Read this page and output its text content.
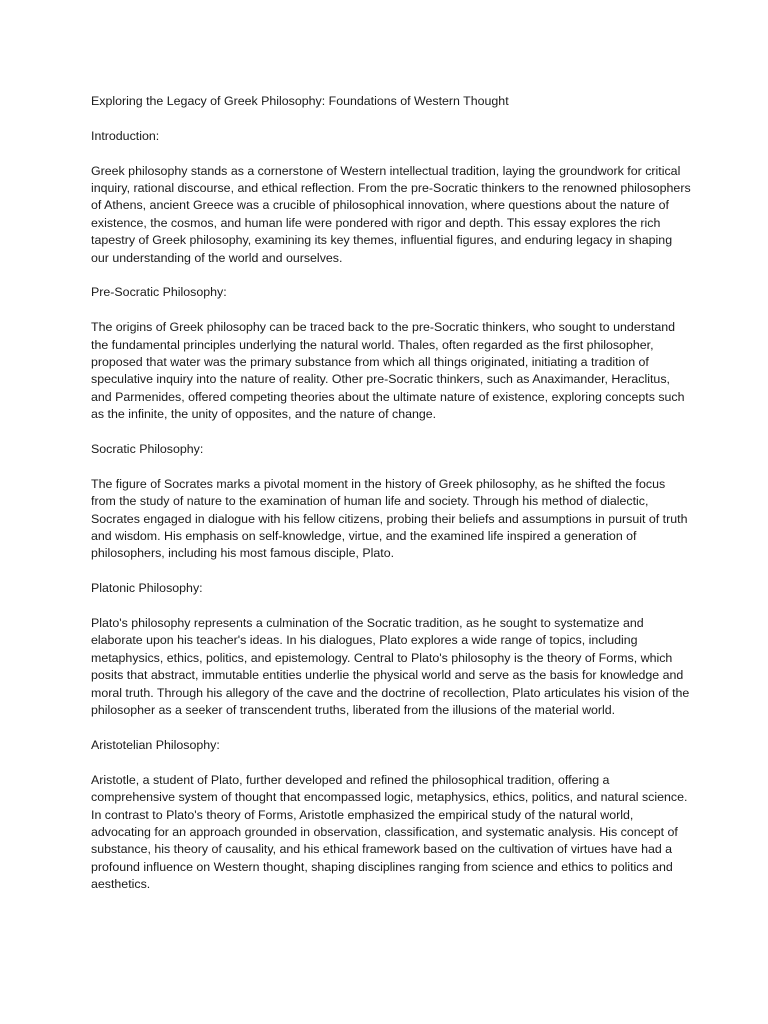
Exploring the Legacy of Greek Philosophy: Foundations of Western Thought

Introduction:

Greek philosophy stands as a cornerstone of Western intellectual tradition, laying the groundwork for critical inquiry, rational discourse, and ethical reflection. From the pre-Socratic thinkers to the renowned philosophers of Athens, ancient Greece was a crucible of philosophical innovation, where questions about the nature of existence, the cosmos, and human life were pondered with rigor and depth. This essay explores the rich tapestry of Greek philosophy, examining its key themes, influential figures, and enduring legacy in shaping our understanding of the world and ourselves.

Pre-Socratic Philosophy:

The origins of Greek philosophy can be traced back to the pre-Socratic thinkers, who sought to understand the fundamental principles underlying the natural world. Thales, often regarded as the first philosopher, proposed that water was the primary substance from which all things originated, initiating a tradition of speculative inquiry into the nature of reality. Other pre-Socratic thinkers, such as Anaximander, Heraclitus, and Parmenides, offered competing theories about the ultimate nature of existence, exploring concepts such as the infinite, the unity of opposites, and the nature of change.

Socratic Philosophy:

The figure of Socrates marks a pivotal moment in the history of Greek philosophy, as he shifted the focus from the study of nature to the examination of human life and society. Through his method of dialectic, Socrates engaged in dialogue with his fellow citizens, probing their beliefs and assumptions in pursuit of truth and wisdom. His emphasis on self-knowledge, virtue, and the examined life inspired a generation of philosophers, including his most famous disciple, Plato.

Platonic Philosophy:

Plato's philosophy represents a culmination of the Socratic tradition, as he sought to systematize and elaborate upon his teacher's ideas. In his dialogues, Plato explores a wide range of topics, including metaphysics, ethics, politics, and epistemology. Central to Plato's philosophy is the theory of Forms, which posits that abstract, immutable entities underlie the physical world and serve as the basis for knowledge and moral truth. Through his allegory of the cave and the doctrine of recollection, Plato articulates his vision of the philosopher as a seeker of transcendent truths, liberated from the illusions of the material world.

Aristotelian Philosophy:

Aristotle, a student of Plato, further developed and refined the philosophical tradition, offering a comprehensive system of thought that encompassed logic, metaphysics, ethics, politics, and natural science. In contrast to Plato's theory of Forms, Aristotle emphasized the empirical study of the natural world, advocating for an approach grounded in observation, classification, and systematic analysis. His concept of substance, his theory of causality, and his ethical framework based on the cultivation of virtues have had a profound influence on Western thought, shaping disciplines ranging from science and ethics to politics and aesthetics.
